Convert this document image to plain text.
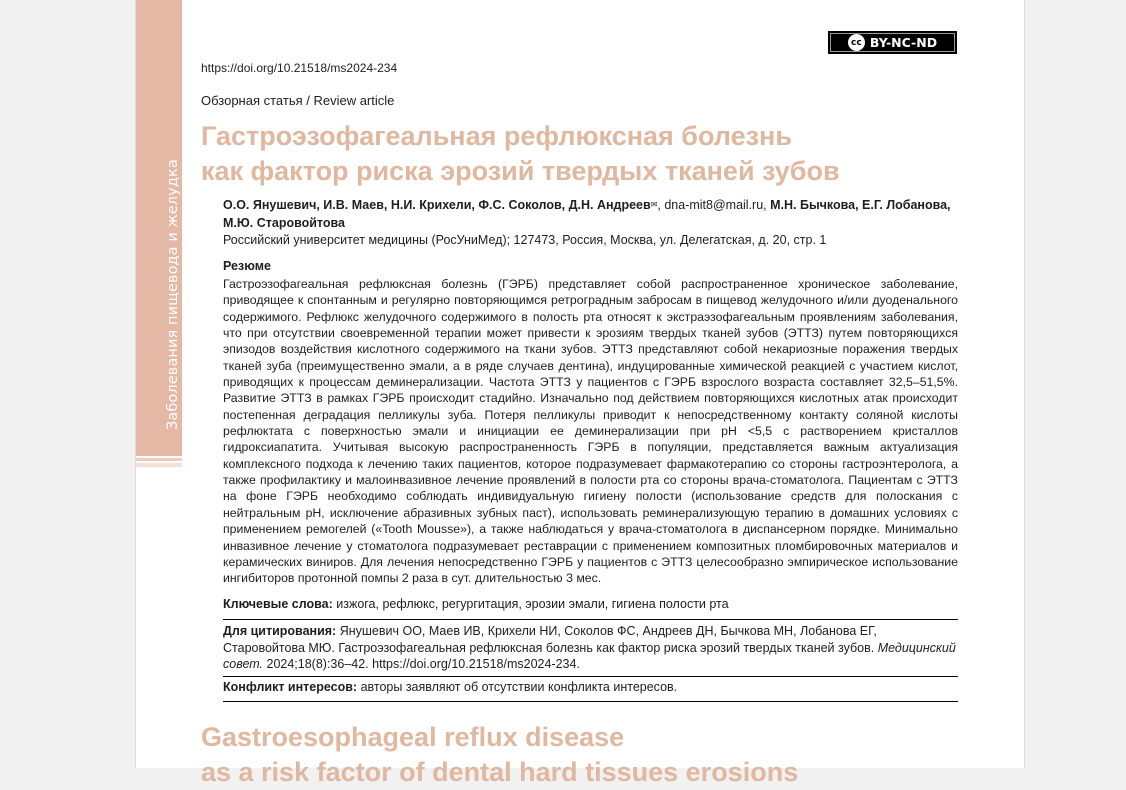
Заболевания пищевода и желудка
cc BY-NC-ND
https://doi.org/10.21518/ms2024-234
Обзорная статья / Review article
Гастроэзофагеальная рефлюксная болезнь
как фактор риска эрозий твердых тканей зубов
О.О. Янушевич, И.В. Маев, Н.И. Крихели, Ф.С. Соколов, Д.Н. Андреев✉, dna-mit8@mail.ru, М.Н. Бычкова, Е.Г. Лобанова, М.Ю. Старовойтова
Российский университет медицины (РосУниМед); 127473, Россия, Москва, ул. Делегатская, д. 20, стр. 1
Резюме
Гастроэзофагеальная рефлюксная болезнь (ГЭРБ) представляет собой распространенное хроническое заболевание, приводящее к спонтанным и регулярно повторяющимся ретроградным забросам в пищевод желудочного и/или дуоденального содержимого. Рефлюкс желудочного содержимого в полость рта относят к экстраэзофагеальным проявлениям заболевания, что при отсутствии своевременной терапии может привести к эрозиям твердых тканей зубов (ЭТТЗ) путем повторяющихся эпизодов воздействия кислотного содержимого на ткани зубов. ЭТТЗ представляют собой некариозные поражения твердых тканей зуба (преимущественно эмали, а в ряде случаев дентина), индуцированные химической реакцией с участием кислот, приводящих к процессам деминерализации. Частота ЭТТЗ у пациентов с ГЭРБ взрослого возраста составляет 32,5–51,5%. Развитие ЭТТЗ в рамках ГЭРБ происходит стадийно. Изначально под действием повторяющихся кислотных атак происходит постепенная деградация пелликулы зуба. Потеря пелликулы приводит к непосредственному контакту соляной кислоты рефлюктата с поверхностью эмали и инициации ее деминерализации при pH <5,5 с растворением кристаллов гидроксиапатита. Учитывая высокую распространенность ГЭРБ в популяции, представляется важным актуализация комплексного подхода к лечению таких пациентов, которое подразумевает фармакотерапию со стороны гастроэнтеролога, а также профилактику и малоинвазивное лечение проявлений в полости рта со стороны врача-стоматолога. Пациентам с ЭТТЗ на фоне ГЭРБ необходимо соблюдать индивидуальную гигиену полости (использование средств для полоскания с нейтральным pH, исключение абразивных зубных паст), использовать реминерализующую терапию в домашних условиях с применением ремогелей («Tooth Mousse»), а также наблюдаться у врача-стоматолога в диспансерном порядке. Минимально инвазивное лечение у стоматолога подразумевает реставрации с применением композитных пломбировочных материалов и керамических виниров. Для лечения непосредственно ГЭРБ у пациентов с ЭТТЗ целесообразно эмпирическое использование ингибиторов протонной помпы 2 раза в сут. длительностью 3 мес.
Ключевые слова: изжога, рефлюкс, регургитация, эрозии эмали, гигиена полости рта
Для цитирования: Янушевич ОО, Маев ИВ, Крихели НИ, Соколов ФС, Андреев ДН, Бычкова МН, Лобанова ЕГ, Старовойтова МЮ. Гастроэзофагеальная рефлюксная болезнь как фактор риска эрозий твердых тканей зубов. Медицинский совет. 2024;18(8):36–42. https://doi.org/10.21518/ms2024-234.
Конфликт интересов: авторы заявляют об отсутствии конфликта интересов.
Gastroesophageal reflux disease
as a risk factor of dental hard tissues erosions
